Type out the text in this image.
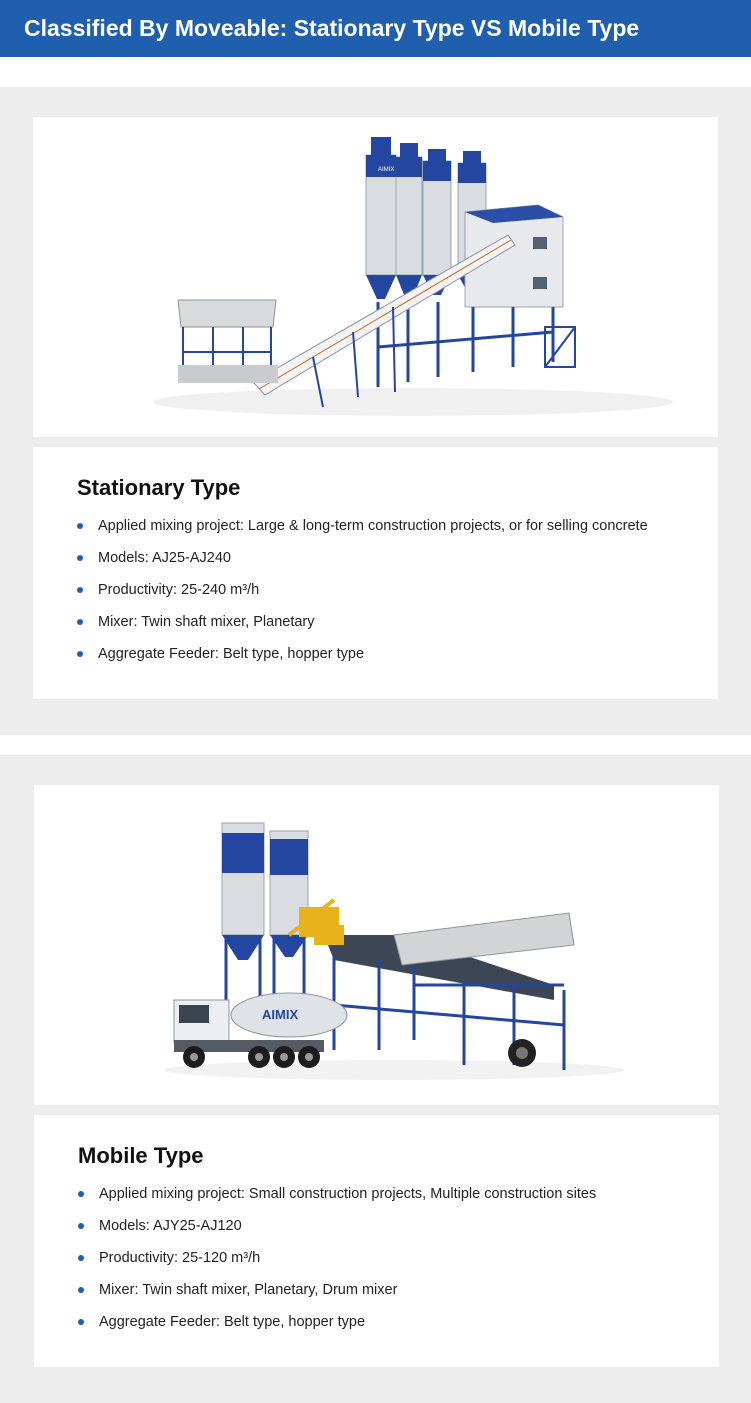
Classified By Moveable: Stationary Type VS Mobile Type
AIMIX
Stationary Type
Applied mixing project: Large & long-term construction projects, or for selling concrete
Models: AJ25-AJ240
Productivity: 25-240 m³/h
Mixer: Twin shaft mixer, Planetary
Aggregate Feeder: Belt type, hopper type
AIMIX
Mobile Type
Applied mixing project: Small construction projects, Multiple construction sites
Models: AJY25-AJ120
Productivity: 25-120 m³/h
Mixer: Twin shaft mixer, Planetary, Drum mixer
Aggregate Feeder: Belt type, hopper type
